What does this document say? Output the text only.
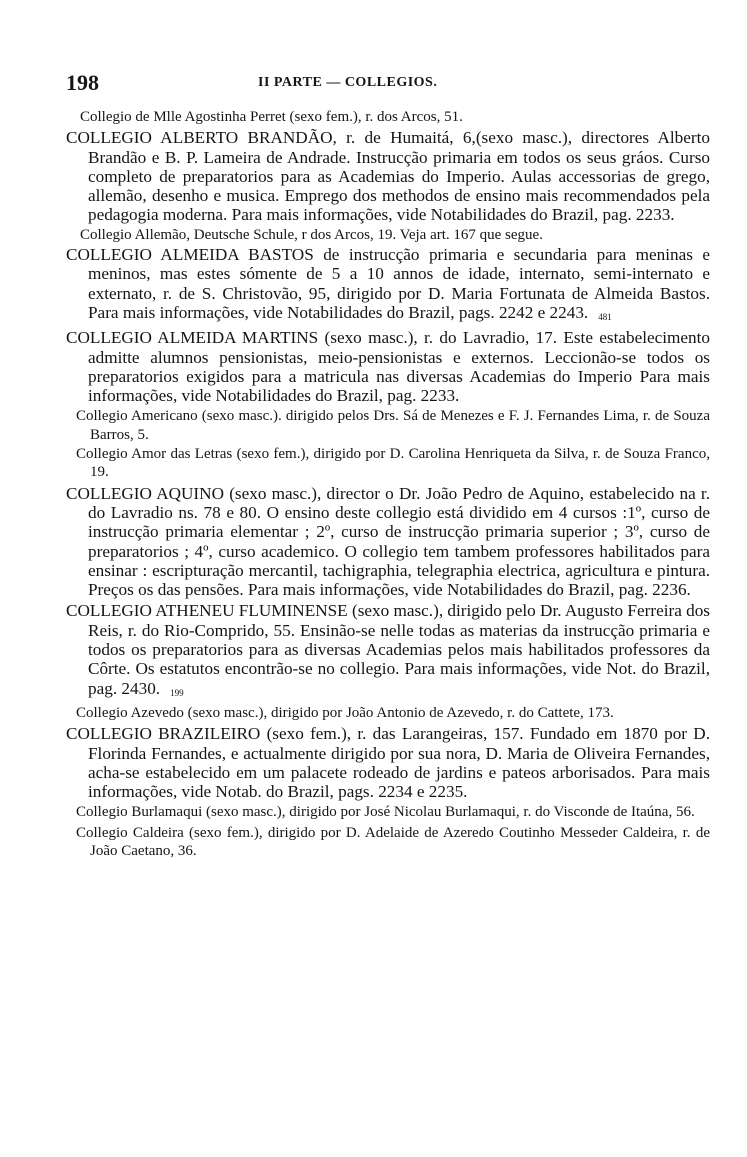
198	II PARTE — COLLEGIOS.

Collegio de Mlle Agostinha Perret (sexo fem.), r. dos Arcos, 51.

COLLEGIO ALBERTO BRANDÃO, r. de Humaitá, 6,(sexo masc.), directores Alberto Brandão e B. P. Lameira de Andrade. Instrucção primaria em todos os seus gráos. Curso completo de preparatorios para as Academias do Imperio. Aulas accessorias de grego, allemão, desenho e musica. Emprego dos methodos de ensino mais recommendados pela pedagogia moderna. Para mais informações, vide Notabilidades do Brazil, pag. 2233.

Collegio Allemão, Deutsche Schule, r dos Arcos, 19. Veja art. 167 que segue.

COLLEGIO ALMEIDA BASTOS de instrucção primaria e secundaria para meninas e meninos, mas estes sómente de 5 a 10 annos de idade, internato, semi-internato e externato, r. de S. Christovão, 95, dirigido por D. Maria Fortunata de Almeida Bastos. Para mais informações, vide Notabilidades do Brazil, pags. 2242 e 2243. 481

COLLEGIO ALMEIDA MARTINS (sexo masc.), r. do Lavradio, 17. Este estabelecimento admitte alumnos pensionistas, meio-pensionistas e externos. Leccionão-se todos os preparatorios exigidos para a matricula nas diversas Academias do Imperio Para mais informações, vide Notabilidades do Brazil, pag. 2233.

Collegio Americano (sexo masc.). dirigido pelos Drs. Sá de Menezes e F. J. Fernandes Lima, r. de Souza Barros, 5.

Collegio Amor das Letras (sexo fem.), dirigido por D. Carolina Henriqueta da Silva, r. de Souza Franco, 19.

COLLEGIO AQUINO (sexo masc.), director o Dr. João Pedro de Aquino, estabelecido na r. do Lavradio ns. 78 e 80. O ensino deste collegio está dividido em 4 cursos :1º, curso de instrucção primaria elementar ; 2º, curso de instrucção primaria superior ; 3º, curso de preparatorios ; 4º, curso academico. O collegio tem tambem professores habilitados para ensinar : escripturação mercantil, tachigraphia, telegraphia electrica, agricultura e pintura. Preços os das pensões. Para mais informações, vide Notabilidades do Brazil, pag. 2236.

COLLEGIO ATHENEU FLUMINENSE (sexo masc.), dirigido pelo Dr. Augusto Ferreira dos Reis, r. do Rio-Comprido, 55. Ensinão-se nelle todas as materias da instrucção primaria e todos os preparatorios para as diversas Academias pelos mais habilitados professores da Côrte. Os estatutos encontrão-se no collegio. Para mais informações, vide Not. do Brazil, pag. 2430. 199

Collegio Azevedo (sexo masc.), dirigido por João Antonio de Azevedo, r. do Cattete, 173.

COLLEGIO BRAZILEIRO (sexo fem.), r. das Larangeiras, 157. Fundado em 1870 por D. Florinda Fernandes, e actualmente dirigido por sua nora, D. Maria de Oliveira Fernandes, acha-se estabelecido em um palacete rodeado de jardins e pateos arborisados. Para mais informações, vide Notab. do Brazil, pags. 2234 e 2235.

Collegio Burlamaqui (sexo masc.), dirigido por José Nicolau Burlamaqui, r. do Visconde de Itaúna, 56.

Collegio Caldeira (sexo fem.), dirigido por D. Adelaide de Azeredo Coutinho Messeder Caldeira, r. de João Caetano, 36.
